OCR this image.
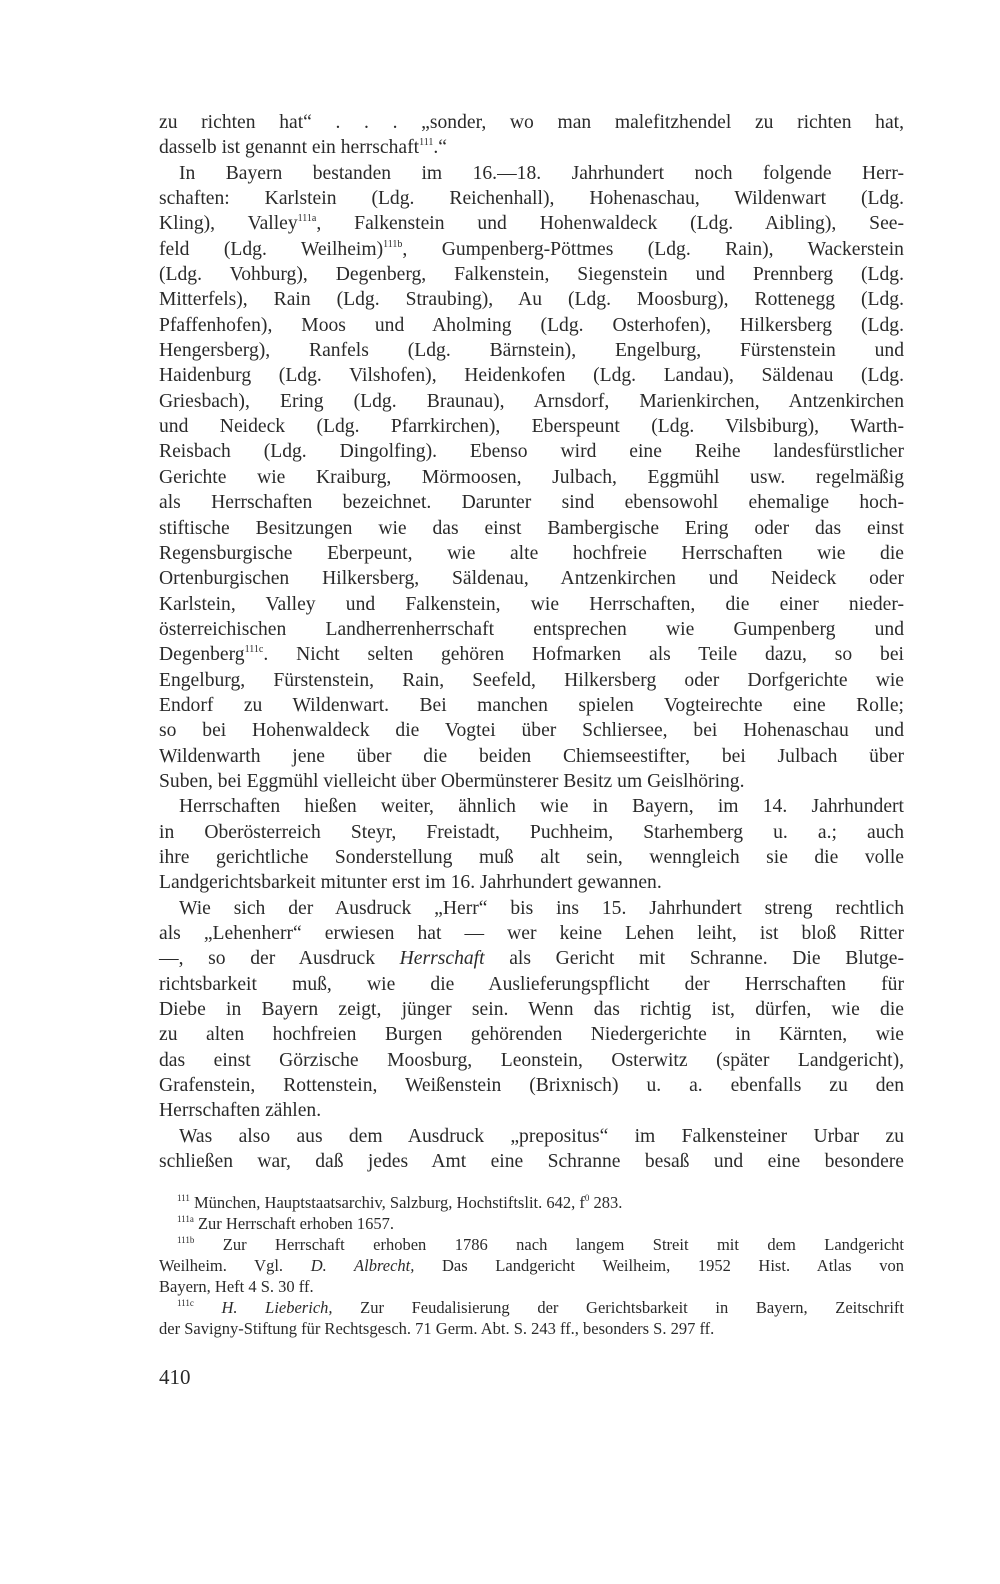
zu richten hat“ . . . „sonder, wo man malefitzhendel zu richten hat,
dasselb ist genannt ein herrschaft$^{111}$.“
In Bayern bestanden im 16.—18. Jahrhundert noch folgende Herr-
schaften: Karlstein (Ldg. Reichenhall), Hohenaschau, Wildenwart (Ldg.
Kling), Valley$^{111a}$, Falkenstein und Hohenwaldeck (Ldg. Aibling), See-
feld (Ldg. Weilheim)$^{111b}$, Gumpenberg-Pöttmes (Ldg. Rain), Wackerstein
(Ldg. Vohburg), Degenberg, Falkenstein, Siegenstein und Prennberg (Ldg.
Mitterfels), Rain (Ldg. Straubing), Au (Ldg. Moosburg), Rottenegg (Ldg.
Pfaffenhofen), Moos und Aholming (Ldg. Osterhofen), Hilkersberg (Ldg.
Hengersberg), Ranfels (Ldg. Bärnstein), Engelburg, Fürstenstein und
Haidenburg (Ldg. Vilshofen), Heidenkofen (Ldg. Landau), Säldenau (Ldg.
Griesbach), Ering (Ldg. Braunau), Arnsdorf, Marienkirchen, Antzenkirchen
und Neideck (Ldg. Pfarrkirchen), Eberspeunt (Ldg. Vilsbiburg), Warth-
Reisbach (Ldg. Dingolfing). Ebenso wird eine Reihe landesfürstlicher
Gerichte wie Kraiburg, Mörmoosen, Julbach, Eggmühl usw. regelmäßig
als Herrschaften bezeichnet. Darunter sind ebensowohl ehemalige hoch-
stiftische Besitzungen wie das einst Bambergische Ering oder das einst
Regensburgische Eberpeunt, wie alte hochfreie Herrschaften wie die
Ortenburgischen Hilkersberg, Säldenau, Antzenkirchen und Neideck oder
Karlstein, Valley und Falkenstein, wie Herrschaften, die einer nieder-
österreichischen Landherrenherrschaft entsprechen wie Gumpenberg und
Degenberg$^{111c}$. Nicht selten gehören Hofmarken als Teile dazu, so bei
Engelburg, Fürstenstein, Rain, Seefeld, Hilkersberg oder Dorfgerichte wie
Endorf zu Wildenwart. Bei manchen spielen Vogteirechte eine Rolle;
so bei Hohenwaldeck die Vogtei über Schliersee, bei Hohenaschau und
Wildenwarth jene über die beiden Chiemseestifter, bei Julbach über
Suben, bei Eggmühl vielleicht über Obermünsterer Besitz um Geislhöring.
Herrschaften hießen weiter, ähnlich wie in Bayern, im 14. Jahrhundert
in Oberösterreich Steyr, Freistadt, Puchheim, Starhemberg u. a.; auch
ihre gerichtliche Sonderstellung muß alt sein, wenngleich sie die volle
Landgerichtsbarkeit mitunter erst im 16. Jahrhundert gewannen.
Wie sich der Ausdruck „Herr“ bis ins 15. Jahrhundert streng rechtlich
als „Lehenherr“ erwiesen hat — wer keine Lehen leiht, ist bloß Ritter
—, so der Ausdruck Herrschaft als Gericht mit Schranne. Die Blutge-
richtsbarkeit muß, wie die Auslieferungspflicht der Herrschaften für
Diebe in Bayern zeigt, jünger sein. Wenn das richtig ist, dürfen, wie die
zu alten hochfreien Burgen gehörenden Niedergerichte in Kärnten, wie
das einst Görzische Moosburg, Leonstein, Osterwitz (später Landgericht),
Grafenstein, Rottenstein, Weißenstein (Brixnisch) u. a. ebenfalls zu den
Herrschaften zählen.
Was also aus dem Ausdruck „prepositus“ im Falkensteiner Urbar zu
schließen war, daß jedes Amt eine Schranne besaß und eine besondere
$^{111}$ München, Hauptstaatsarchiv, Salzburg, Hochstiftslit. 642, $f^0$ 283.
$^{111a}$ Zur Herrschaft erhoben 1657.
$^{111b}$ Zur Herrschaft erhoben 1786 nach langem Streit mit dem Landgericht
Weilheim. Vgl. D. Albrecht, Das Landgericht Weilheim, 1952 Hist. Atlas von
Bayern, Heft 4 S. 30 ff.
$^{111c}$ H. Lieberich, Zur Feudalisierung der Gerichtsbarkeit in Bayern, Zeitschrift
der Savigny-Stiftung für Rechtsgesch. 71 Germ. Abt. S. 243 ff., besonders S. 297 ff.
410
